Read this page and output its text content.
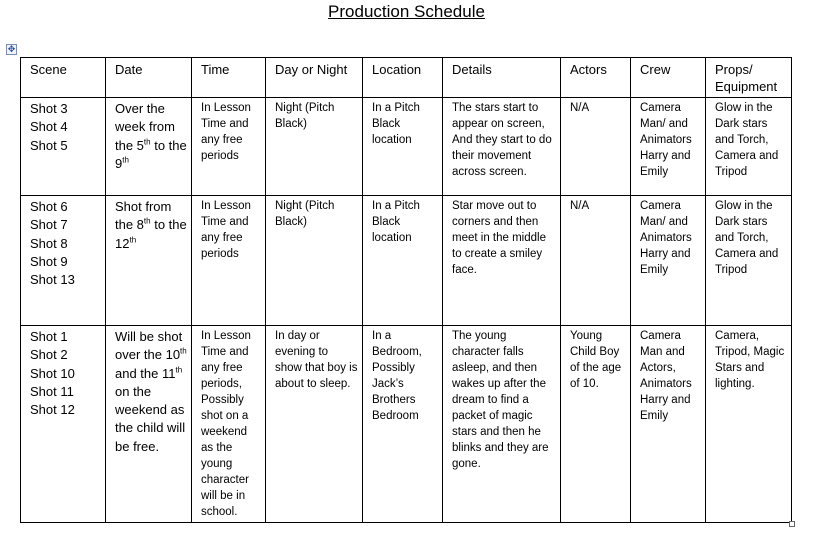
Production Schedule
✥
Scene	Date	Time	Day or Night	Location	Details	Actors	Crew	Props/ Equipment

Shot 3
Shot 4
Shot 5	Over the week from the 5th to the 9th	In Lesson Time and any free periods	Night (Pitch Black)	In a Pitch Black location	The stars start to appear on screen, And they start to do their movement across screen.	N/A	Camera Man/ and Animators Harry and Emily	Glow in the Dark stars and Torch, Camera and Tripod

Shot 6
Shot 7
Shot 8
Shot 9
Shot 13	Shot from the 8th to the 12th	In Lesson Time and any free periods	Night (Pitch Black)	In a Pitch Black location	Star move out to corners and then meet in the middle to create a smiley face.	N/A	Camera Man/ and Animators Harry and Emily	Glow in the Dark stars and Torch, Camera and Tripod

Shot 1
Shot 2
Shot 10
Shot 11
Shot 12	Will be shot over the 10th and the 11th on the weekend as the child will be free.	In Lesson Time and any free periods, Possibly shot on a weekend as the young character will be in school.	In day or evening to show that boy is about to sleep.	In a Bedroom, Possibly Jack’s Brothers Bedroom	The young character falls asleep, and then wakes up after the dream to find a packet of magic stars and then he blinks and they are gone.	Young Child Boy of the age of 10.	Camera Man and Actors, Animators Harry and Emily	Camera, Tripod, Magic Stars and lighting.
